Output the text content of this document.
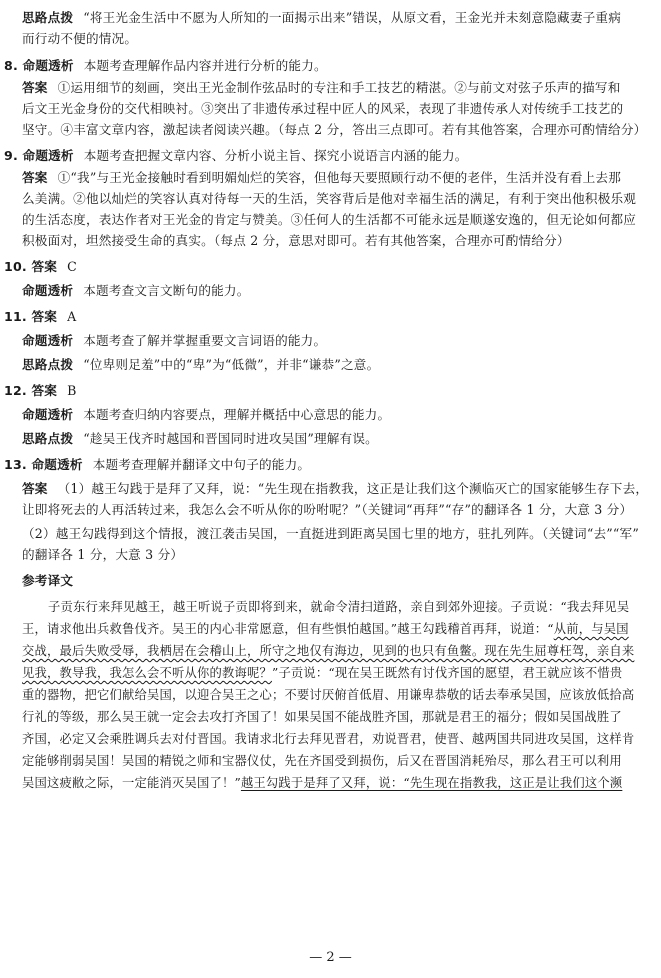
思路点拨 “将王光金生活中不愿为人所知的一面揭示出来”错误，从原文看，王金光并未刻意隐藏妻子重病
而行动不便的情况。
8. 命题透析 本题考查理解作品内容并进行分析的能力。
答案 ①运用细节的刻画，突出王光金制作弦品时的专注和手工技艺的精湛。②与前文对弦子乐声的描写和
后文王光金身份的交代相映衬。③突出了非遗传承过程中匠人的风采，表现了非遗传承人对传统手工技艺的
坚守。④丰富文章内容，激起读者阅读兴趣。（每点 2 分，答出三点即可。若有其他答案，合理亦可酌情给分）
9. 命题透析 本题考查把握文章内容、分析小说主旨、探究小说语言内涵的能力。
答案 ①“我”与王光金接触时看到明媚灿烂的笑容，但他每天要照顾行动不便的老伴，生活并没有看上去那
么美满。②他以灿烂的笑容认真对待每一天的生活，笑容背后是他对幸福生活的满足，有利于突出他积极乐观
的生活态度，表达作者对王光金的肯定与赞美。③任何人的生活都不可能永远是顺遂安逸的，但无论如何都应
积极面对，坦然接受生命的真实。（每点 2 分，意思对即可。若有其他答案，合理亦可酌情给分）
10. 答案 C
命题透析 本题考查文言文断句的能力。
11. 答案 A
命题透析 本题考查了解并掌握重要文言词语的能力。
思路点拨 “位卑则足羞”中的“卑”为“低微”，并非“谦恭”之意。
12. 答案 B
命题透析 本题考查归纳内容要点，理解并概括中心意思的能力。
思路点拨 “趁吴王伐齐时越国和晋国同时进攻吴国”理解有误。
13. 命题透析 本题考查理解并翻译文中句子的能力。
答案 （1）越王勾践于是拜了又拜，说：“先生现在指教我，这正是让我们这个濒临灭亡的国家能够生存下去，
让即将死去的人再活转过来，我怎么会不听从你的吩咐呢？”（关键词“再拜”“存”的翻译各 1 分，大意 3 分）
（2）越王勾践得到这个情报，渡江袭击吴国，一直挺进到距离吴国七里的地方，驻扎列阵。（关键词“去”“军”
的翻译各 1 分，大意 3 分）
参考译文
子贡东行来拜见越王，越王听说子贡即将到来，就命令清扫道路，亲自到郊外迎接。子贡说：“我去拜见吴
王，请求他出兵救鲁伐齐。吴王的内心非常愿意，但有些惧怕越国。”越王勾践稽首再拜，说道：“从前，与吴国
交战，最后失败受辱，我栖居在会稽山上，所守之地仅有海边，见到的也只有鱼鳖。现在先生屈尊枉驾，亲自来
见我，教导我，我怎么会不听从你的教诲呢？”子贡说：“现在吴王既然有讨伐齐国的愿望，君王就应该不惜贵
重的器物，把它们献给吴国，以迎合吴王之心；不要讨厌俯首低眉、用谦卑恭敬的话去奉承吴国，应该放低拾高
行礼的等级，那么吴王就一定会去攻打齐国了！如果吴国不能战胜齐国，那就是君王的福分；假如吴国战胜了
齐国，必定又会乘胜调兵去对付晋国。我请求北行去拜见晋君，劝说晋君，使晋、越两国共同进攻吴国，这样肯
定能够削弱吴国！吴国的精锐之师和宝器仪仗，先在齐国受到损伤，后又在晋国消耗殆尽，那么君王可以利用
吴国这疲敝之际，一定能消灭吴国了！”越王勾践于是拜了又拜，说：“先生现在指教我，这正是让我们这个濒
— 2 —
